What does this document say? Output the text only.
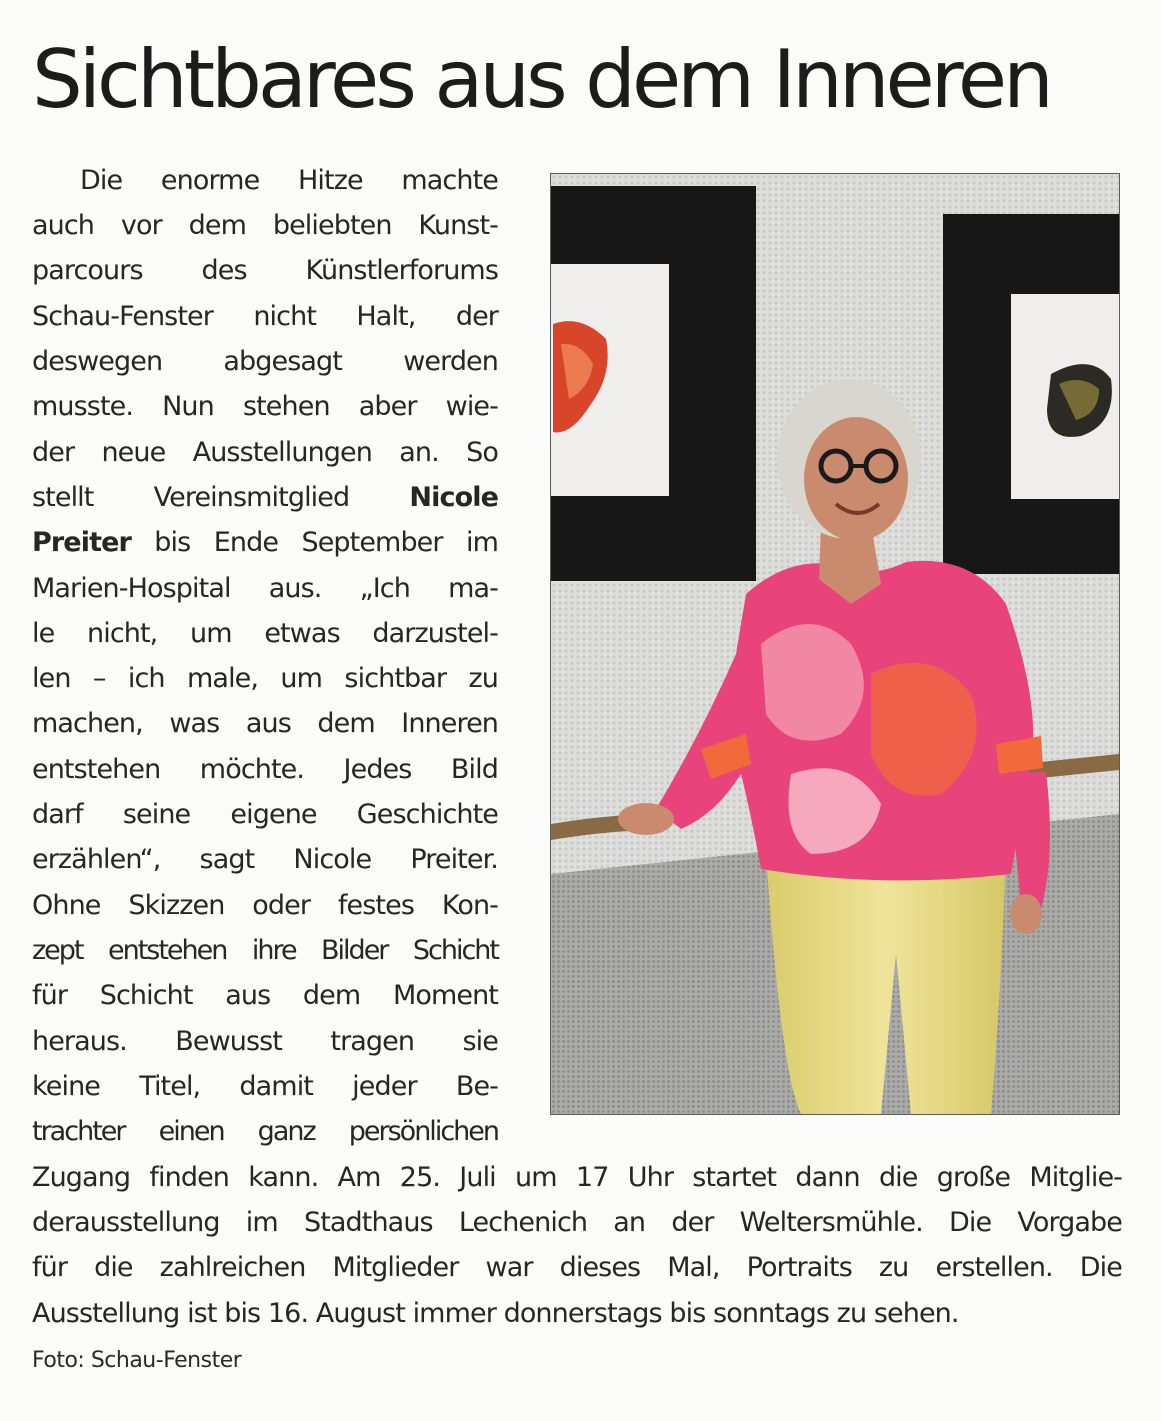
Sichtbares aus dem Inneren
Die enorme Hitze machte
auch vor dem beliebten Kunst-
parcours des Künstlerforums
Schau-Fenster nicht Halt, der
deswegen abgesagt werden
musste. Nun stehen aber wie-
der neue Ausstellungen an. So
stellt Vereinsmitglied Nicole
Preiter bis Ende September im
Marien-Hospital aus. „Ich ma-
le nicht, um etwas darzustel-
len – ich male, um sichtbar zu
machen, was aus dem Inneren
entstehen möchte. Jedes Bild
darf seine eigene Geschichte
erzählen“, sagt Nicole Preiter.
Ohne Skizzen oder festes Kon-
zept entstehen ihre Bilder Schicht
für Schicht aus dem Moment
heraus. Bewusst tragen sie
keine Titel, damit jeder Be-
trachter einen ganz persönlichen
Zugang finden kann. Am 25. Juli um 17 Uhr startet dann die große Mitglie-
derausstellung im Stadthaus Lechenich an der Weltersmühle. Die Vorgabe
für die zahlreichen Mitglieder war dieses Mal, Portraits zu erstellen. Die
Ausstellung ist bis 16. August immer donnerstags bis sonntags zu sehen.
Foto: Schau-Fenster
